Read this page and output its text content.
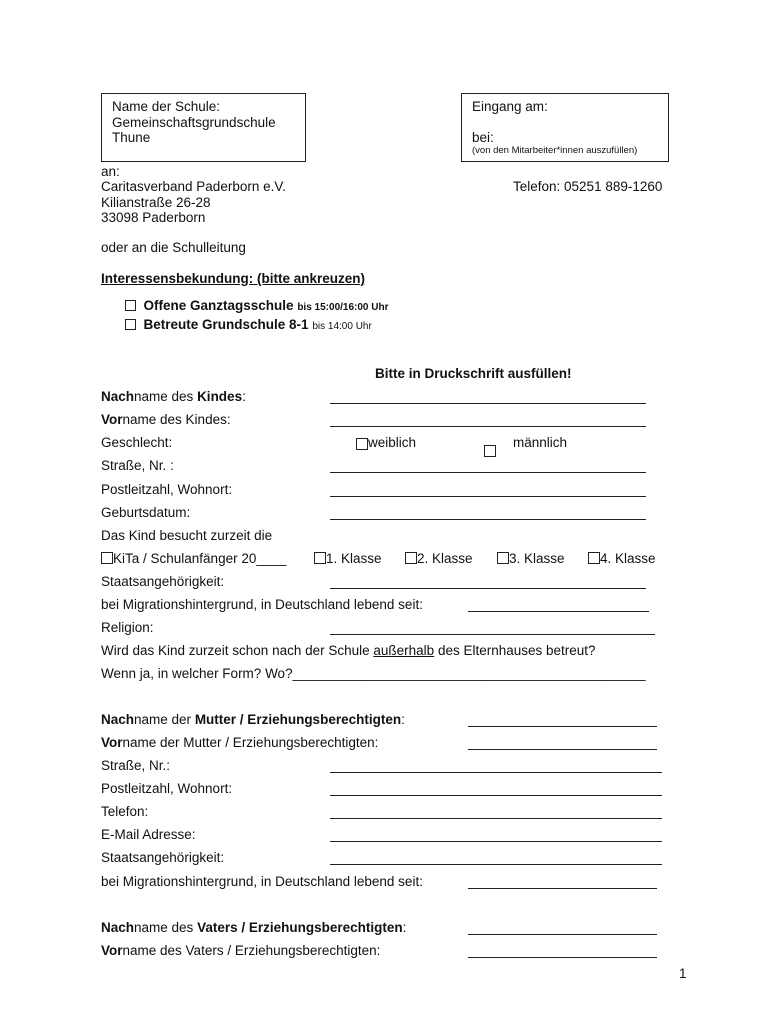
Name der Schule:
Gemeinschaftsgrundschule
Thune
Eingang am:
bei:
(von den Mitarbeiter*innen auszufüllen)
an:
Caritasverband Paderborn e.V.
Kilianstraße 26-28
33098 Paderborn
Telefon: 05251 889-1260
oder an die Schulleitung
Interessensbekundung: (bitte ankreuzen)
Offene Ganztagsschule bis 15:00/16:00 Uhr
Betreute Grundschule 8-1 bis 14:00 Uhr
Bitte in Druckschrift ausfüllen!
Nachname des Kindes:
Vorname des Kindes:
Geschlecht:	weiblich	männlich
Straße, Nr. :
Postleitzahl, Wohnort:
Geburtsdatum:
Das Kind besucht zurzeit die
KiTa / Schulanfänger 20____	1. Klasse	2. Klasse	3. Klasse	4. Klasse
Staatsangehörigkeit:
bei Migrationshintergrund, in Deutschland lebend seit:
Religion:
Wird das Kind zurzeit schon nach der Schule außerhalb des Elternhauses betreut?
Wenn ja, in welcher Form? Wo?_______________________________________________
Nachname der Mutter / Erziehungsberechtigten:
Vorname der Mutter / Erziehungsberechtigten:
Straße, Nr.:
Postleitzahl, Wohnort:
Telefon:
E-Mail Adresse:
Staatsangehörigkeit:
bei Migrationshintergrund, in Deutschland lebend seit:
Nachname des Vaters / Erziehungsberechtigten:
Vorname des Vaters / Erziehungsberechtigten:
1
